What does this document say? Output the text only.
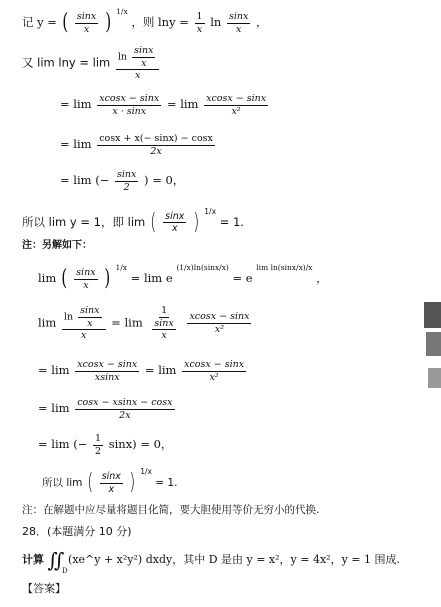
记 y = ( $\frac{\sin x}{x}$ ) $^{1/x}$ ，则 $\ln y = \frac{1}{x}$ $\ln \frac{\sin x}{x}$ ，
又 $\lim \ln y = \lim \frac{\ln \frac{\sin x}{x}}{x}$
= $\lim \frac{xcosx - \sin x}{x \cdot \sin x} = \lim \frac{xcosx - \sin x}{\text{x²}}$
= $\lim \frac{\cos x + x(- \sin x) - \cos x}{2x}$
= lim (− $\frac{\sin x}{2}$ ) = 0，
所以 lim y = 1，即 lim ( $\frac{\sin x}{x}$ ) $^{1/x}$ = 1.
注：另解如下：
lim ( $\frac{\sin x}{x}$ ) $^{1/x}$ = lim e $^{(1/x)ln(sinx/x)}$ = e $^{lim ln(sinx/x)/x}$ ，
$\lim \frac{\ln \frac{\sin x}{x}}{x} = \lim \frac{1}{\frac{\sin x}{x}}$
$\frac{xcosx - \sin x}{\text{x²}}$
= $\lim \frac{xcosx - \sin x}{xsinx} = \lim \frac{xcosx - \sin x}{\text{x²}}$
= $\lim \frac{\cos x - xsinx - \cos x}{2x}$
= lim (− $\frac{1}{2} \sin x) = 0$，
所以 lim ( $\frac{\sin x}{x}$ ) $^{1/x}$ = 1.
注：在解题中应尽量将题目化简，要大胆使用等价无穷小的代换.
28．(本题满分 10 分)
计算 ∬ (xe^y + x²y²) dxdy，其中 D 是由 y = x²，y = 4x²，y = 1 围成.
D
【答案】
